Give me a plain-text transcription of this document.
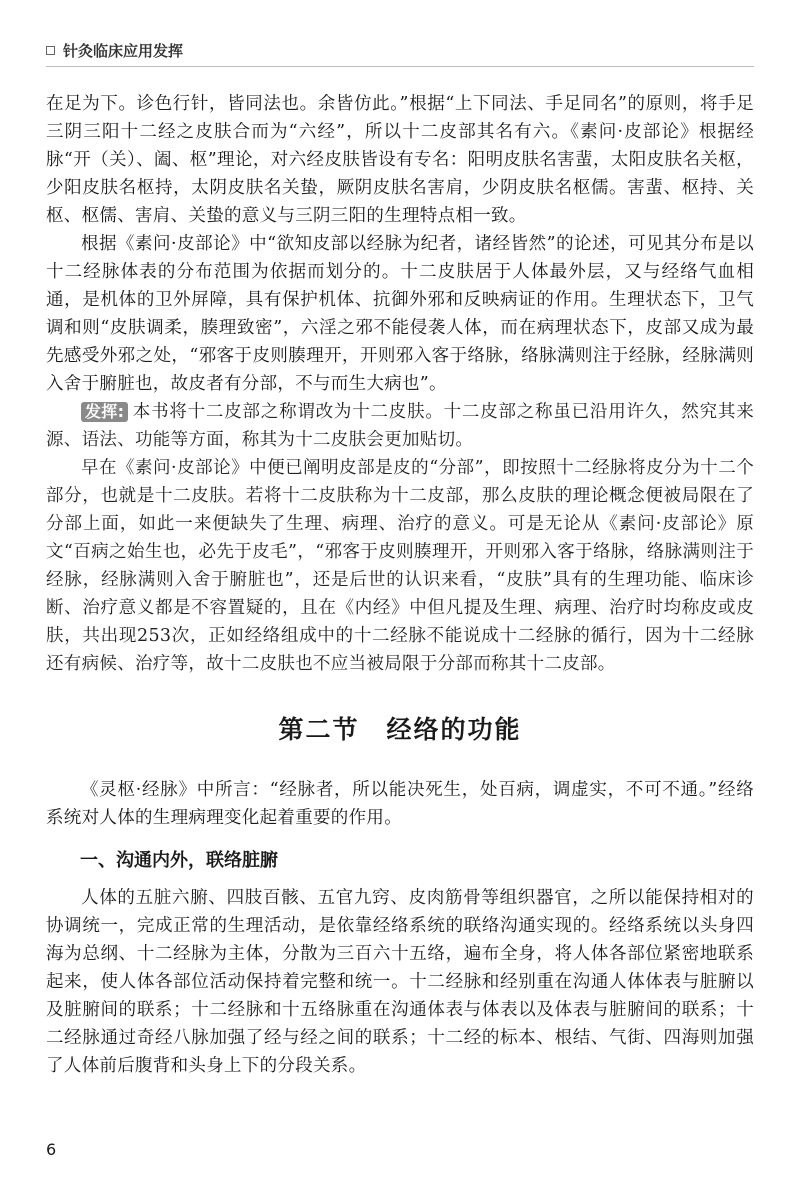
针灸临床应用发挥

在足为下。诊色行针，皆同法也。余皆仿此。”根据“上下同法、手足同名”的原则，将手足三阴三阳十二经之皮肤合而为“六经”，所以十二皮部其名有六。《素问·皮部论》根据经脉“开（关）、阖、枢”理论，对六经皮肤皆设有专名：阳明皮肤名害蜚，太阳皮肤名关枢，少阳皮肤名枢持，太阴皮肤名关蛰，厥阴皮肤名害肩，少阴皮肤名枢儒。害蜚、枢持、关枢、枢儒、害肩、关蛰的意义与三阴三阳的生理特点相一致。

根据《素问·皮部论》中“欲知皮部以经脉为纪者，诸经皆然”的论述，可见其分布是以十二经脉体表的分布范围为依据而划分的。十二皮肤居于人体最外层，又与经络气血相通，是机体的卫外屏障，具有保护机体、抗御外邪和反映病证的作用。生理状态下，卫气调和则“皮肤调柔，腠理致密”，六淫之邪不能侵袭人体，而在病理状态下，皮部又成为最先感受外邪之处，“邪客于皮则腠理开，开则邪入客于络脉，络脉满则注于经脉，经脉满则入舍于腑脏也，故皮者有分部，不与而生大病也”。

发挥: 本书将十二皮部之称谓改为十二皮肤。十二皮部之称虽已沿用许久，然究其来源、语法、功能等方面，称其为十二皮肤会更加贴切。

早在《素问·皮部论》中便已阐明皮部是皮的“分部”，即按照十二经脉将皮分为十二个部分，也就是十二皮肤。若将十二皮肤称为十二皮部，那么皮肤的理论概念便被局限在了分部上面，如此一来便缺失了生理、病理、治疗的意义。可是无论从《素问·皮部论》原文“百病之始生也，必先于皮毛”，“邪客于皮则腠理开，开则邪入客于络脉，络脉满则注于经脉，经脉满则入舍于腑脏也”，还是后世的认识来看，“皮肤”具有的生理功能、临床诊断、治疗意义都是不容置疑的，且在《内经》中但凡提及生理、病理、治疗时均称皮或皮肤，共出现253次，正如经络组成中的十二经脉不能说成十二经脉的循行，因为十二经脉还有病候、治疗等，故十二皮肤也不应当被局限于分部而称其十二皮部。

第二节　经络的功能

《灵枢·经脉》中所言：“经脉者，所以能决死生，处百病，调虚实，不可不通。”经络系统对人体的生理病理变化起着重要的作用。

一、沟通内外，联络脏腑

人体的五脏六腑、四肢百骸、五官九窍、皮肉筋骨等组织器官，之所以能保持相对的协调统一，完成正常的生理活动，是依靠经络系统的联络沟通实现的。经络系统以头身四海为总纲、十二经脉为主体，分散为三百六十五络，遍布全身，将人体各部位紧密地联系起来，使人体各部位活动保持着完整和统一。十二经脉和经别重在沟通人体体表与脏腑以及脏腑间的联系；十二经脉和十五络脉重在沟通体表与体表以及体表与脏腑间的联系；十二经脉通过奇经八脉加强了经与经之间的联系；十二经的标本、根结、气街、四海则加强了人体前后腹背和头身上下的分段关系。

6
